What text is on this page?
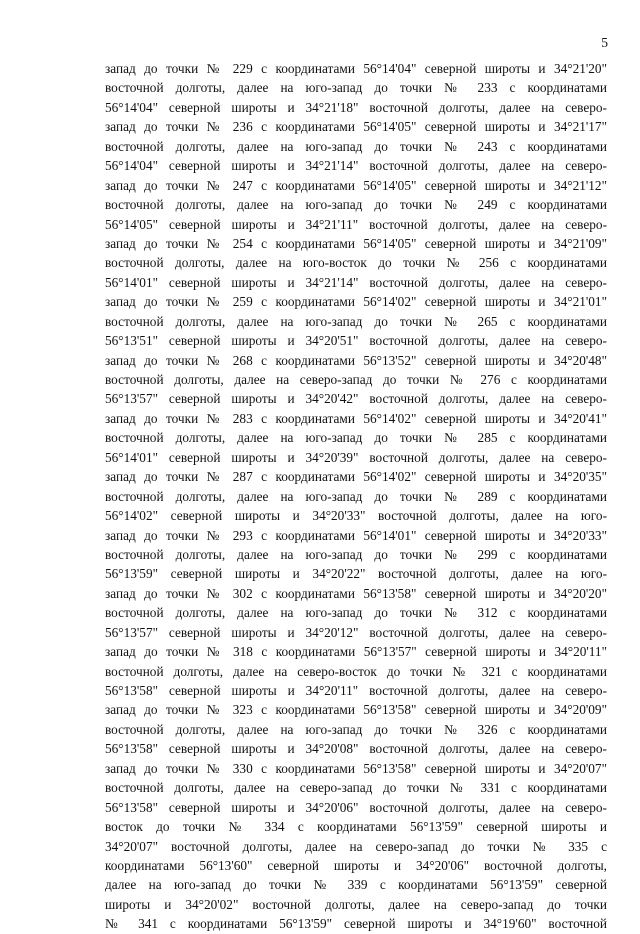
5
запад до точки № 229 с координатами 56°14'04" северной широты и 34°21'20"
восточной долготы, далее на юго-запад до точки № 233 с координатами
56°14'04" северной широты и 34°21'18" восточной долготы, далее на северо-
запад до точки № 236 с координатами 56°14'05" северной широты и 34°21'17"
восточной долготы, далее на юго-запад до точки № 243 с координатами
56°14'04" северной широты и 34°21'14" восточной долготы, далее на северо-
запад до точки № 247 с координатами 56°14'05" северной широты и 34°21'12"
восточной долготы, далее на юго-запад до точки № 249 с координатами
56°14'05" северной широты и 34°21'11" восточной долготы, далее на северо-
запад до точки № 254 с координатами 56°14'05" северной широты и 34°21'09"
восточной долготы, далее на юго-восток до точки № 256 с координатами
56°14'01" северной широты и 34°21'14" восточной долготы, далее на северо-
запад до точки № 259 с координатами 56°14'02" северной широты и 34°21'01"
восточной долготы, далее на юго-запад до точки № 265 с координатами
56°13'51" северной широты и 34°20'51" восточной долготы, далее на северо-
запад до точки № 268 с координатами 56°13'52" северной широты и 34°20'48"
восточной долготы, далее на северо-запад до точки № 276 с координатами
56°13'57" северной широты и 34°20'42" восточной долготы, далее на северо-
запад до точки № 283 с координатами 56°14'02" северной широты и 34°20'41"
восточной долготы, далее на юго-запад до точки № 285 с координатами
56°14'01" северной широты и 34°20'39" восточной долготы, далее на северо-
запад до точки № 287 с координатами 56°14'02" северной широты и 34°20'35"
восточной долготы, далее на юго-запад до точки № 289 с координатами
56°14'02" северной широты и 34°20'33" восточной долготы, далее на юго-
запад до точки № 293 с координатами 56°14'01" северной широты и 34°20'33"
восточной долготы, далее на юго-запад до точки № 299 с координатами
56°13'59" северной широты и 34°20'22" восточной долготы, далее на юго-
запад до точки № 302 с координатами 56°13'58" северной широты и 34°20'20"
восточной долготы, далее на юго-запад до точки № 312 с координатами
56°13'57" северной широты и 34°20'12" восточной долготы, далее на северо-
запад до точки № 318 с координатами 56°13'57" северной широты и 34°20'11"
восточной долготы, далее на северо-восток до точки № 321 с координатами
56°13'58" северной широты и 34°20'11" восточной долготы, далее на северо-
запад до точки № 323 с координатами 56°13'58" северной широты и 34°20'09"
восточной долготы, далее на юго-запад до точки № 326 с координатами
56°13'58" северной широты и 34°20'08" восточной долготы, далее на северо-
запад до точки № 330 с координатами 56°13'58" северной широты и 34°20'07"
восточной долготы, далее на северо-запад до точки № 331 с координатами
56°13'58" северной широты и 34°20'06" восточной долготы, далее на северо-
восток до точки № 334 с координатами 56°13'59" северной широты и
34°20'07" восточной долготы, далее на северо-запад до точки № 335 с
координатами 56°13'60" северной широты и 34°20'06" восточной долготы,
далее на юго-запад до точки № 339 с координатами 56°13'59" северной
широты и 34°20'02" восточной долготы, далее на северо-запад до точки
№ 341 с координатами 56°13'59" северной широты и 34°19'60" восточной
